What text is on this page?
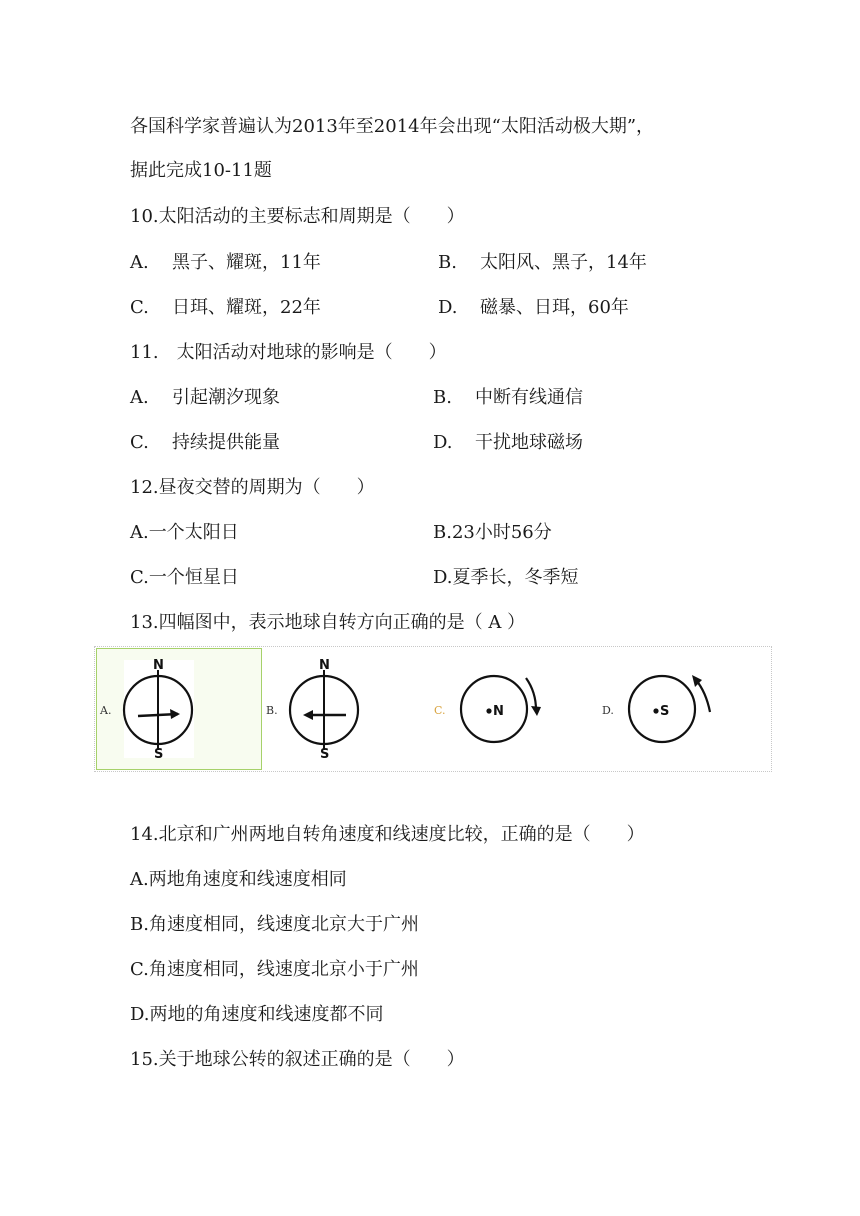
各国科学家普遍认为2013年至2014年会出现“太阳活动极大期”，
据此完成10-11题
10.太阳活动的主要标志和周期是（　　）
A. 黑子、耀斑，11年	B. 太阳风、黑子，14年
C. 日珥、耀斑，22年	D. 磁暴、日珥，60年
11.　太阳活动对地球的影响是（　　）
A. 引起潮汐现象	B. 中断有线通信
C. 持续提供能量	D. 干扰地球磁场
12.昼夜交替的周期为（　　）
A.一个太阳日	B.23小时56分
C.一个恒星日	D.夏季长，冬季短
13.四幅图中，表示地球自转方向正确的是（ A ）
A.
N
S
B.
N
S
C.	N	D.	S
14.北京和广州两地自转角速度和线速度比较，正确的是（　　）
A.两地角速度和线速度相同
B.角速度相同，线速度北京大于广州
C.角速度相同，线速度北京小于广州
D.两地的角速度和线速度都不同
15.关于地球公转的叙述正确的是（　　）
